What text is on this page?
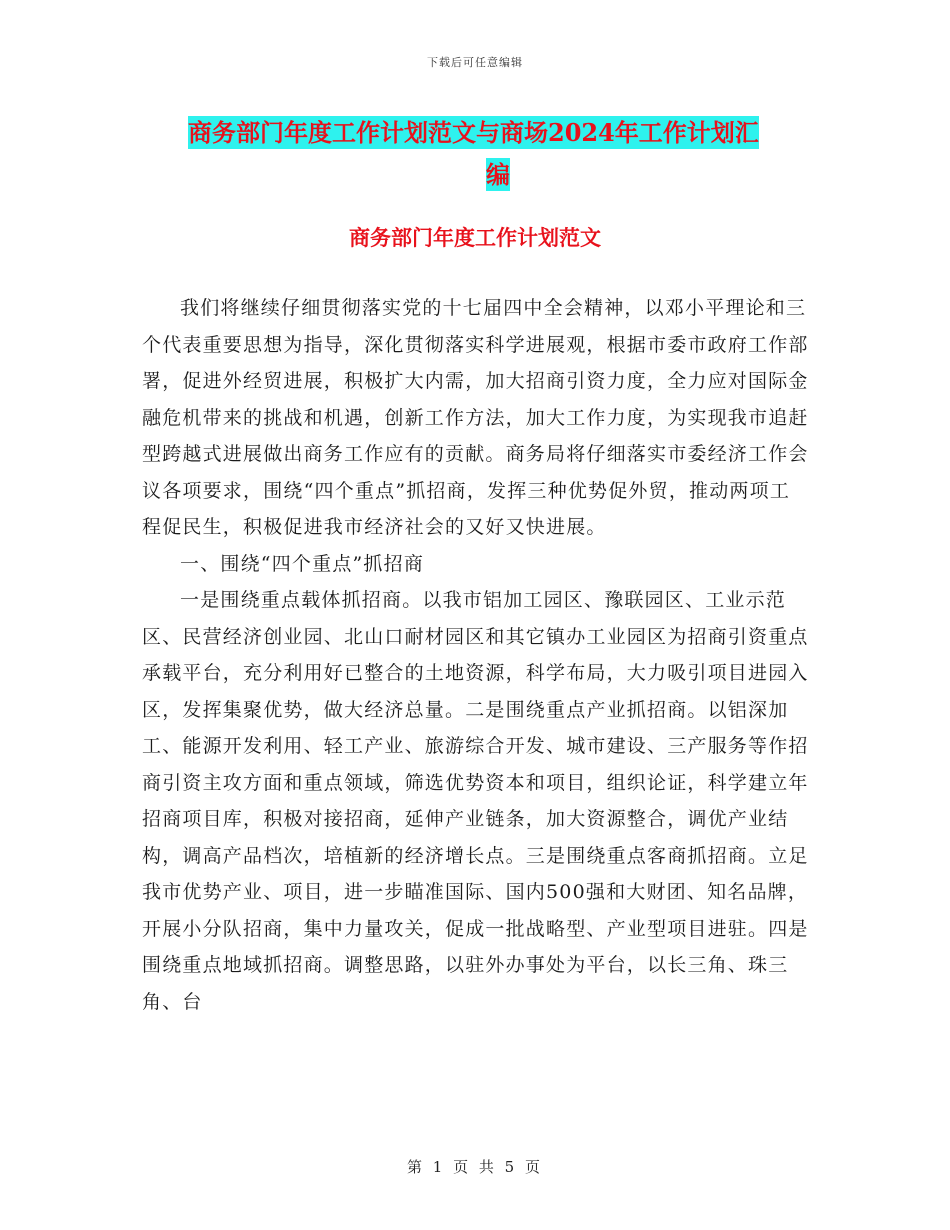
下载后可任意编辑
商务部门年度工作计划范文与商场2024年工作计划汇
编
商务部门年度工作计划范文

我们将继续仔细贯彻落实党的十七届四中全会精神，以邓小平理论和三个代表重要思想为指导，深化贯彻落实科学进展观，根据市委市政府工作部署，促进外经贸进展，积极扩大内需，加大招商引资力度，全力应对国际金融危机带来的挑战和机遇，创新工作方法，加大工作力度，为实现我市追赶型跨越式进展做出商务工作应有的贡献。商务局将仔细落实市委经济工作会议各项要求，围绕“四个重点”抓招商，发挥三种优势促外贸，推动两项工程促民生，积极促进我市经济社会的又好又快进展。

一、围绕“四个重点”抓招商

一是围绕重点载体抓招商。以我市铝加工园区、豫联园区、工业示范区、民营经济创业园、北山口耐材园区和其它镇办工业园区为招商引资重点承载平台，充分利用好已整合的土地资源，科学布局，大力吸引项目进园入区，发挥集聚优势，做大经济总量。二是围绕重点产业抓招商。以铝深加工、能源开发利用、轻工产业、旅游综合开发、城市建设、三产服务等作招商引资主攻方面和重点领域，筛选优势资本和项目，组织论证，科学建立年招商项目库，积极对接招商，延伸产业链条，加大资源整合，调优产业结构，调高产品档次，培植新的经济增长点。三是围绕重点客商抓招商。立足我市优势产业、项目，进一步瞄准国际、国内500强和大财团、知名品牌，开展小分队招商，集中力量攻关，促成一批战略型、产业型项目进驻。四是围绕重点地域抓招商。调整思路，以驻外办事处为平台，以长三角、珠三角、台

第 1 页 共 5 页
